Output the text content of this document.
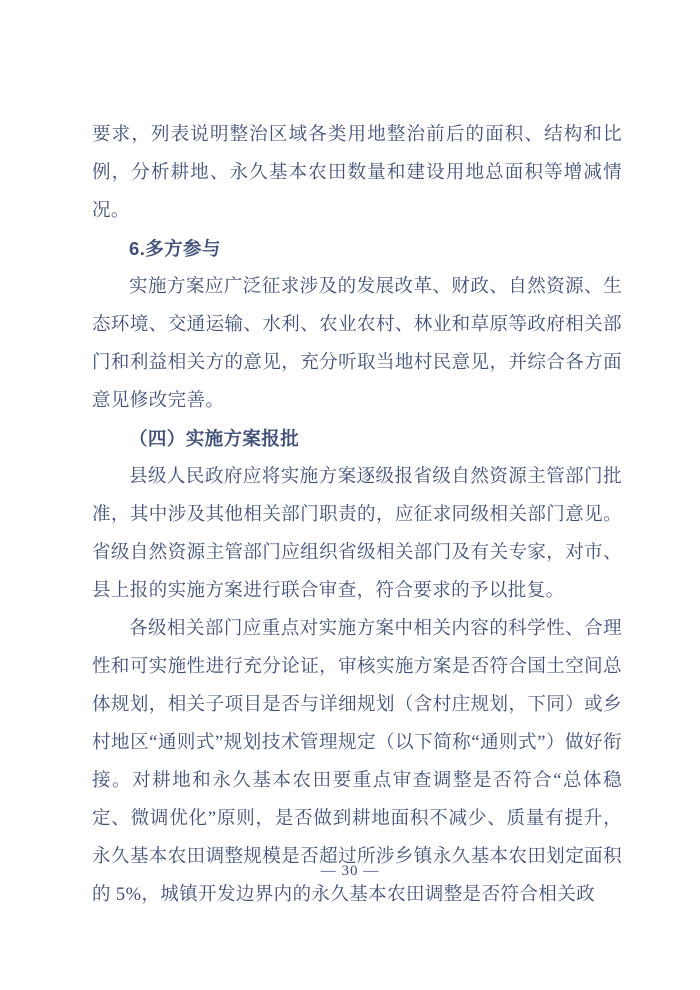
要求，列表说明整治区域各类用地整治前后的面积、结构和比例，分析耕地、永久基本农田数量和建设用地总面积等增减情况。

6.多方参与

实施方案应广泛征求涉及的发展改革、财政、自然资源、生态环境、交通运输、水利、农业农村、林业和草原等政府相关部门和利益相关方的意见，充分听取当地村民意见，并综合各方面意见修改完善。

（四）实施方案报批

县级人民政府应将实施方案逐级报省级自然资源主管部门批准，其中涉及其他相关部门职责的，应征求同级相关部门意见。省级自然资源主管部门应组织省级相关部门及有关专家，对市、县上报的实施方案进行联合审查，符合要求的予以批复。

各级相关部门应重点对实施方案中相关内容的科学性、合理性和可实施性进行充分论证，审核实施方案是否符合国土空间总体规划，相关子项目是否与详细规划（含村庄规划，下同）或乡村地区“通则式”规划技术管理规定（以下简称“通则式”）做好衔接。对耕地和永久基本农田要重点审查调整是否符合“总体稳定、微调优化”原则，是否做到耕地面积不减少、质量有提升，永久基本农田调整规模是否超过所涉乡镇永久基本农田划定面积的 5%，城镇开发边界内的永久基本农田调整是否符合相关政

— 30 —
